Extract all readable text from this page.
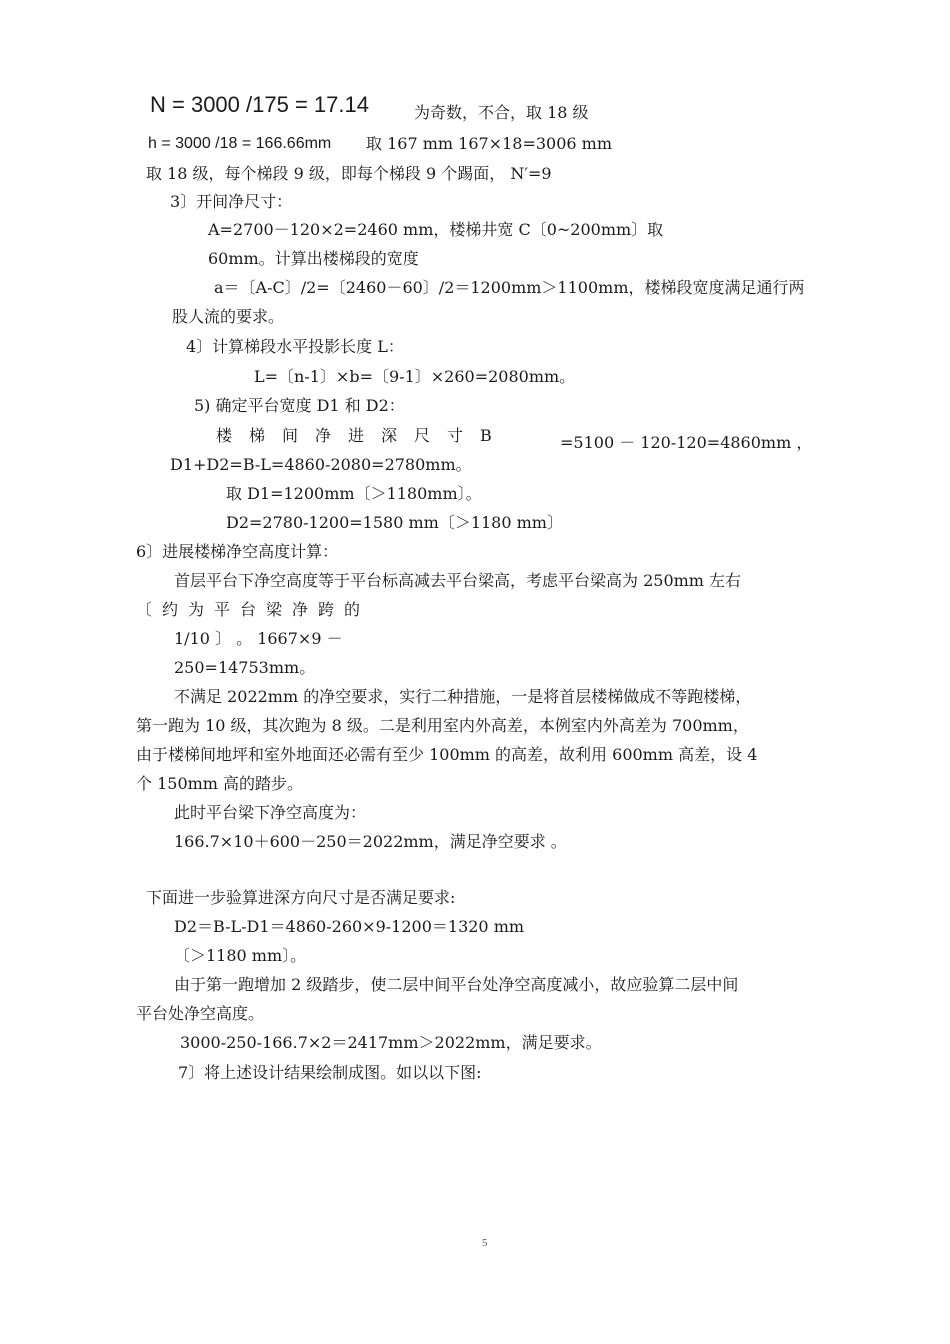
N = 3000 /175 = 17.14	为奇数，不合，取 18 级
h = 3000 /18 = 166.66mm 取 167 mm 167×18=3006 mm
取 18 级，每个梯段 9 级，即每个梯段 9 个踢面， N′=9
3〕开间净尺寸：
A=2700－120×2=2460 mm，楼梯井宽 C〔0~200mm〕取
60mm。计算出楼梯段的宽度
a＝〔A-C〕/2=〔2460－60〕/2＝1200mm＞1100mm，楼梯段宽度满足通行两
股人流的要求。
4〕计算梯段水平投影长度 L：
L=〔n-1〕×b=〔9-1〕×260=2080mm。
5) 确定平台宽度 D1 和 D2：
楼梯间净进深尺寸B	=5100 － 120-120=4860mm ，
D1+D2=B-L=4860-2080=2780mm。
取 D1=1200mm〔＞1180mm〕。
D2=2780-1200=1580 mm〔＞1180 mm〕
6〕进展楼梯净空高度计算：
首层平台下净空高度等于平台标高减去平台梁高，考虑平台梁高为 250mm 左右
〔约为平台梁净跨的
1/10 〕 。 1667×9 －
250=14753mm。
不满足 2022mm 的净空要求，实行二种措施，一是将首层楼梯做成不等跑楼梯，
第一跑为 10 级，其次跑为 8 级。二是利用室内外高差，本例室内外高差为 700mm，
由于楼梯间地坪和室外地面还必需有至少 100mm 的高差，故利用 600mm 高差，设 4
个 150mm 高的踏步。
此时平台梁下净空高度为：
166.7×10＋600－250＝2022mm，满足净空要求 。
下面进一步验算进深方向尺寸是否满足要求:
D2＝B-L-D1＝4860-260×9-1200＝1320 mm
〔＞1180 mm〕。
由于第一跑增加 2 级踏步，使二层中间平台处净空高度减小，故应验算二层中间
平台处净空高度。
3000-250-166.7×2＝2417mm＞2022mm，满足要求。
7〕将上述设计结果绘制成图。如以以下图:
5
